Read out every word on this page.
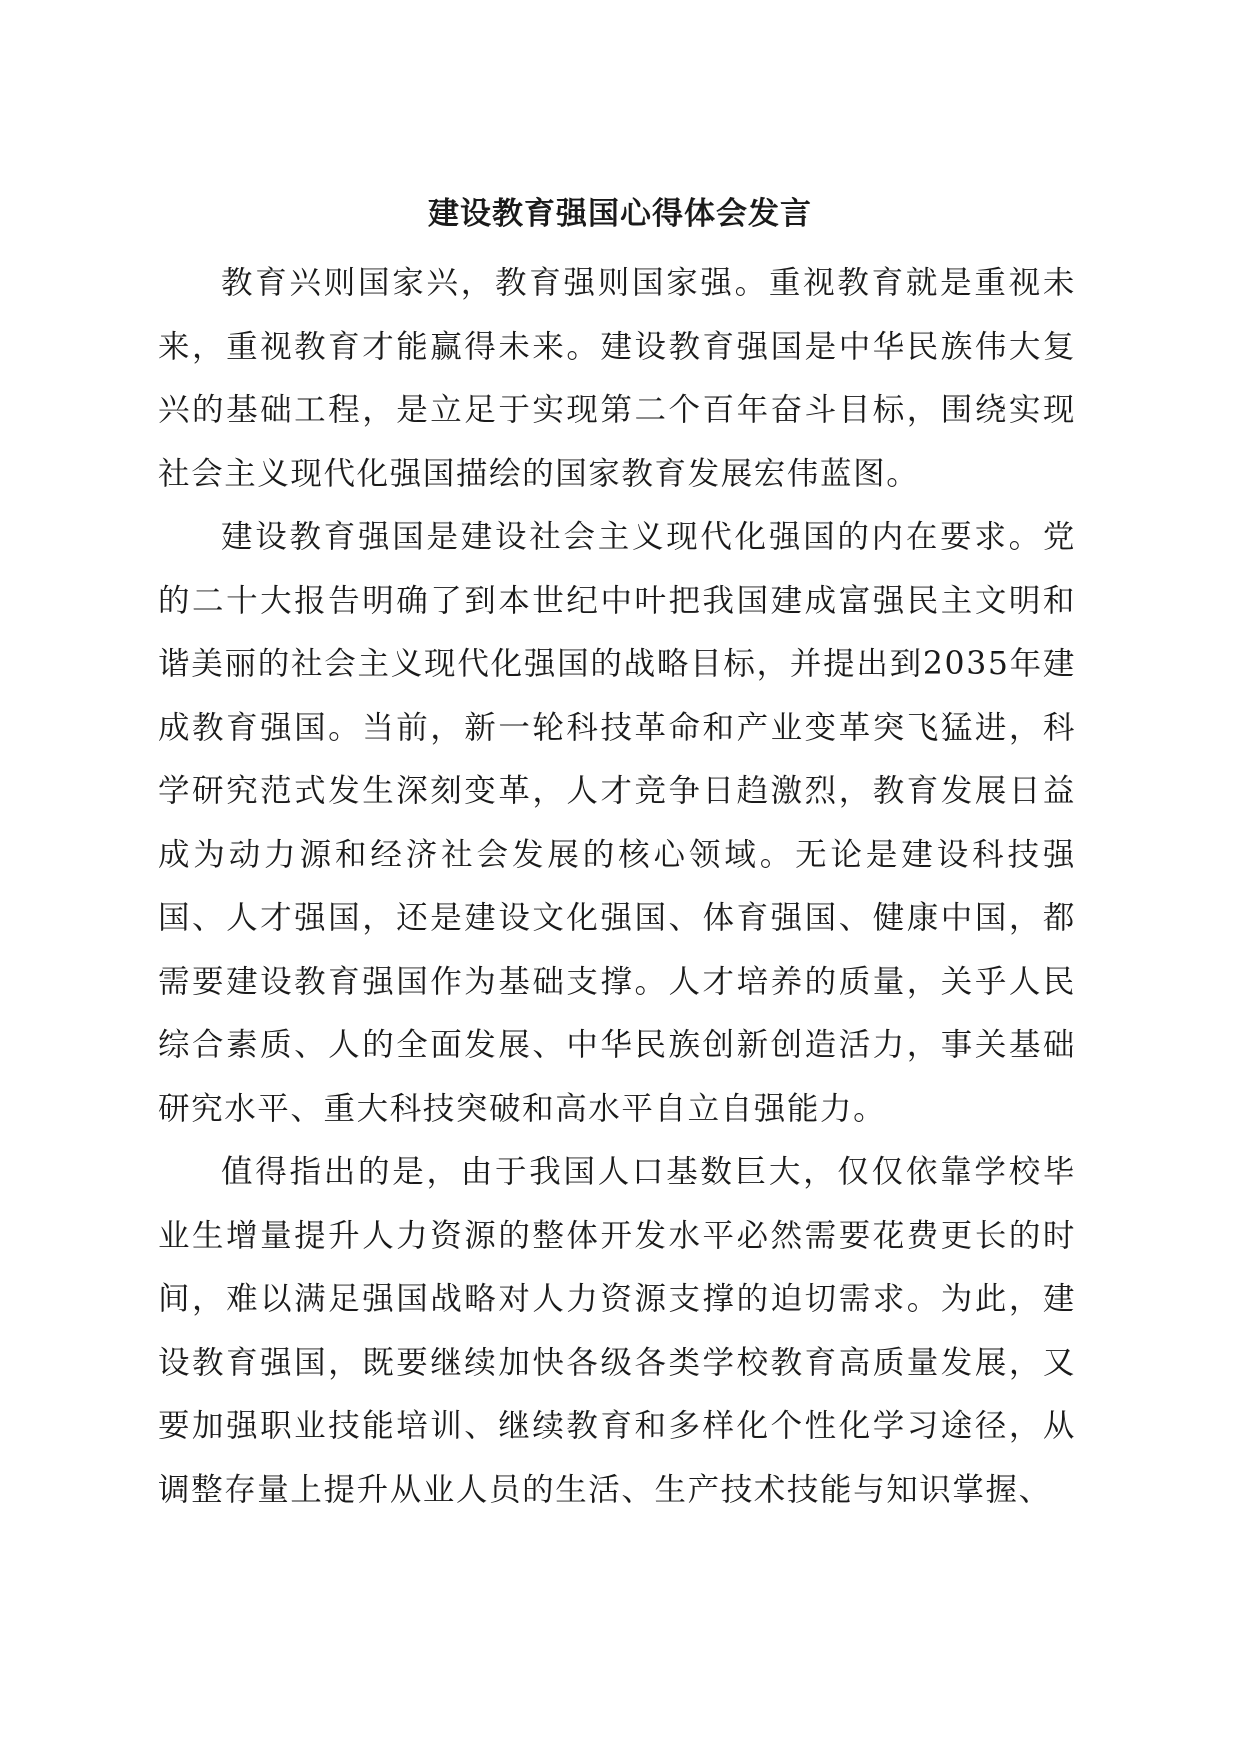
建设教育强国心得体会发言

教育兴则国家兴，教育强则国家强。重视教育就是重视未来，重视教育才能赢得未来。建设教育强国是中华民族伟大复兴的基础工程，是立足于实现第二个百年奋斗目标，围绕实现社会主义现代化强国描绘的国家教育发展宏伟蓝图。

建设教育强国是建设社会主义现代化强国的内在要求。党的二十大报告明确了到本世纪中叶把我国建成富强民主文明和谐美丽的社会主义现代化强国的战略目标，并提出到2035年建成教育强国。当前，新一轮科技革命和产业变革突飞猛进，科学研究范式发生深刻变革，人才竞争日趋激烈，教育发展日益成为动力源和经济社会发展的核心领域。无论是建设科技强国、人才强国，还是建设文化强国、体育强国、健康中国，都需要建设教育强国作为基础支撑。人才培养的质量，关乎人民综合素质、人的全面发展、中华民族创新创造活力，事关基础研究水平、重大科技突破和高水平自立自强能力。

值得指出的是，由于我国人口基数巨大，仅仅依靠学校毕业生增量提升人力资源的整体开发水平必然需要花费更长的时间，难以满足强国战略对人力资源支撑的迫切需求。为此，建设教育强国，既要继续加快各级各类学校教育高质量发展，又要加强职业技能培训、继续教育和多样化个性化学习途径，从调整存量上提升从业人员的生活、生产技术技能与知识掌握、
